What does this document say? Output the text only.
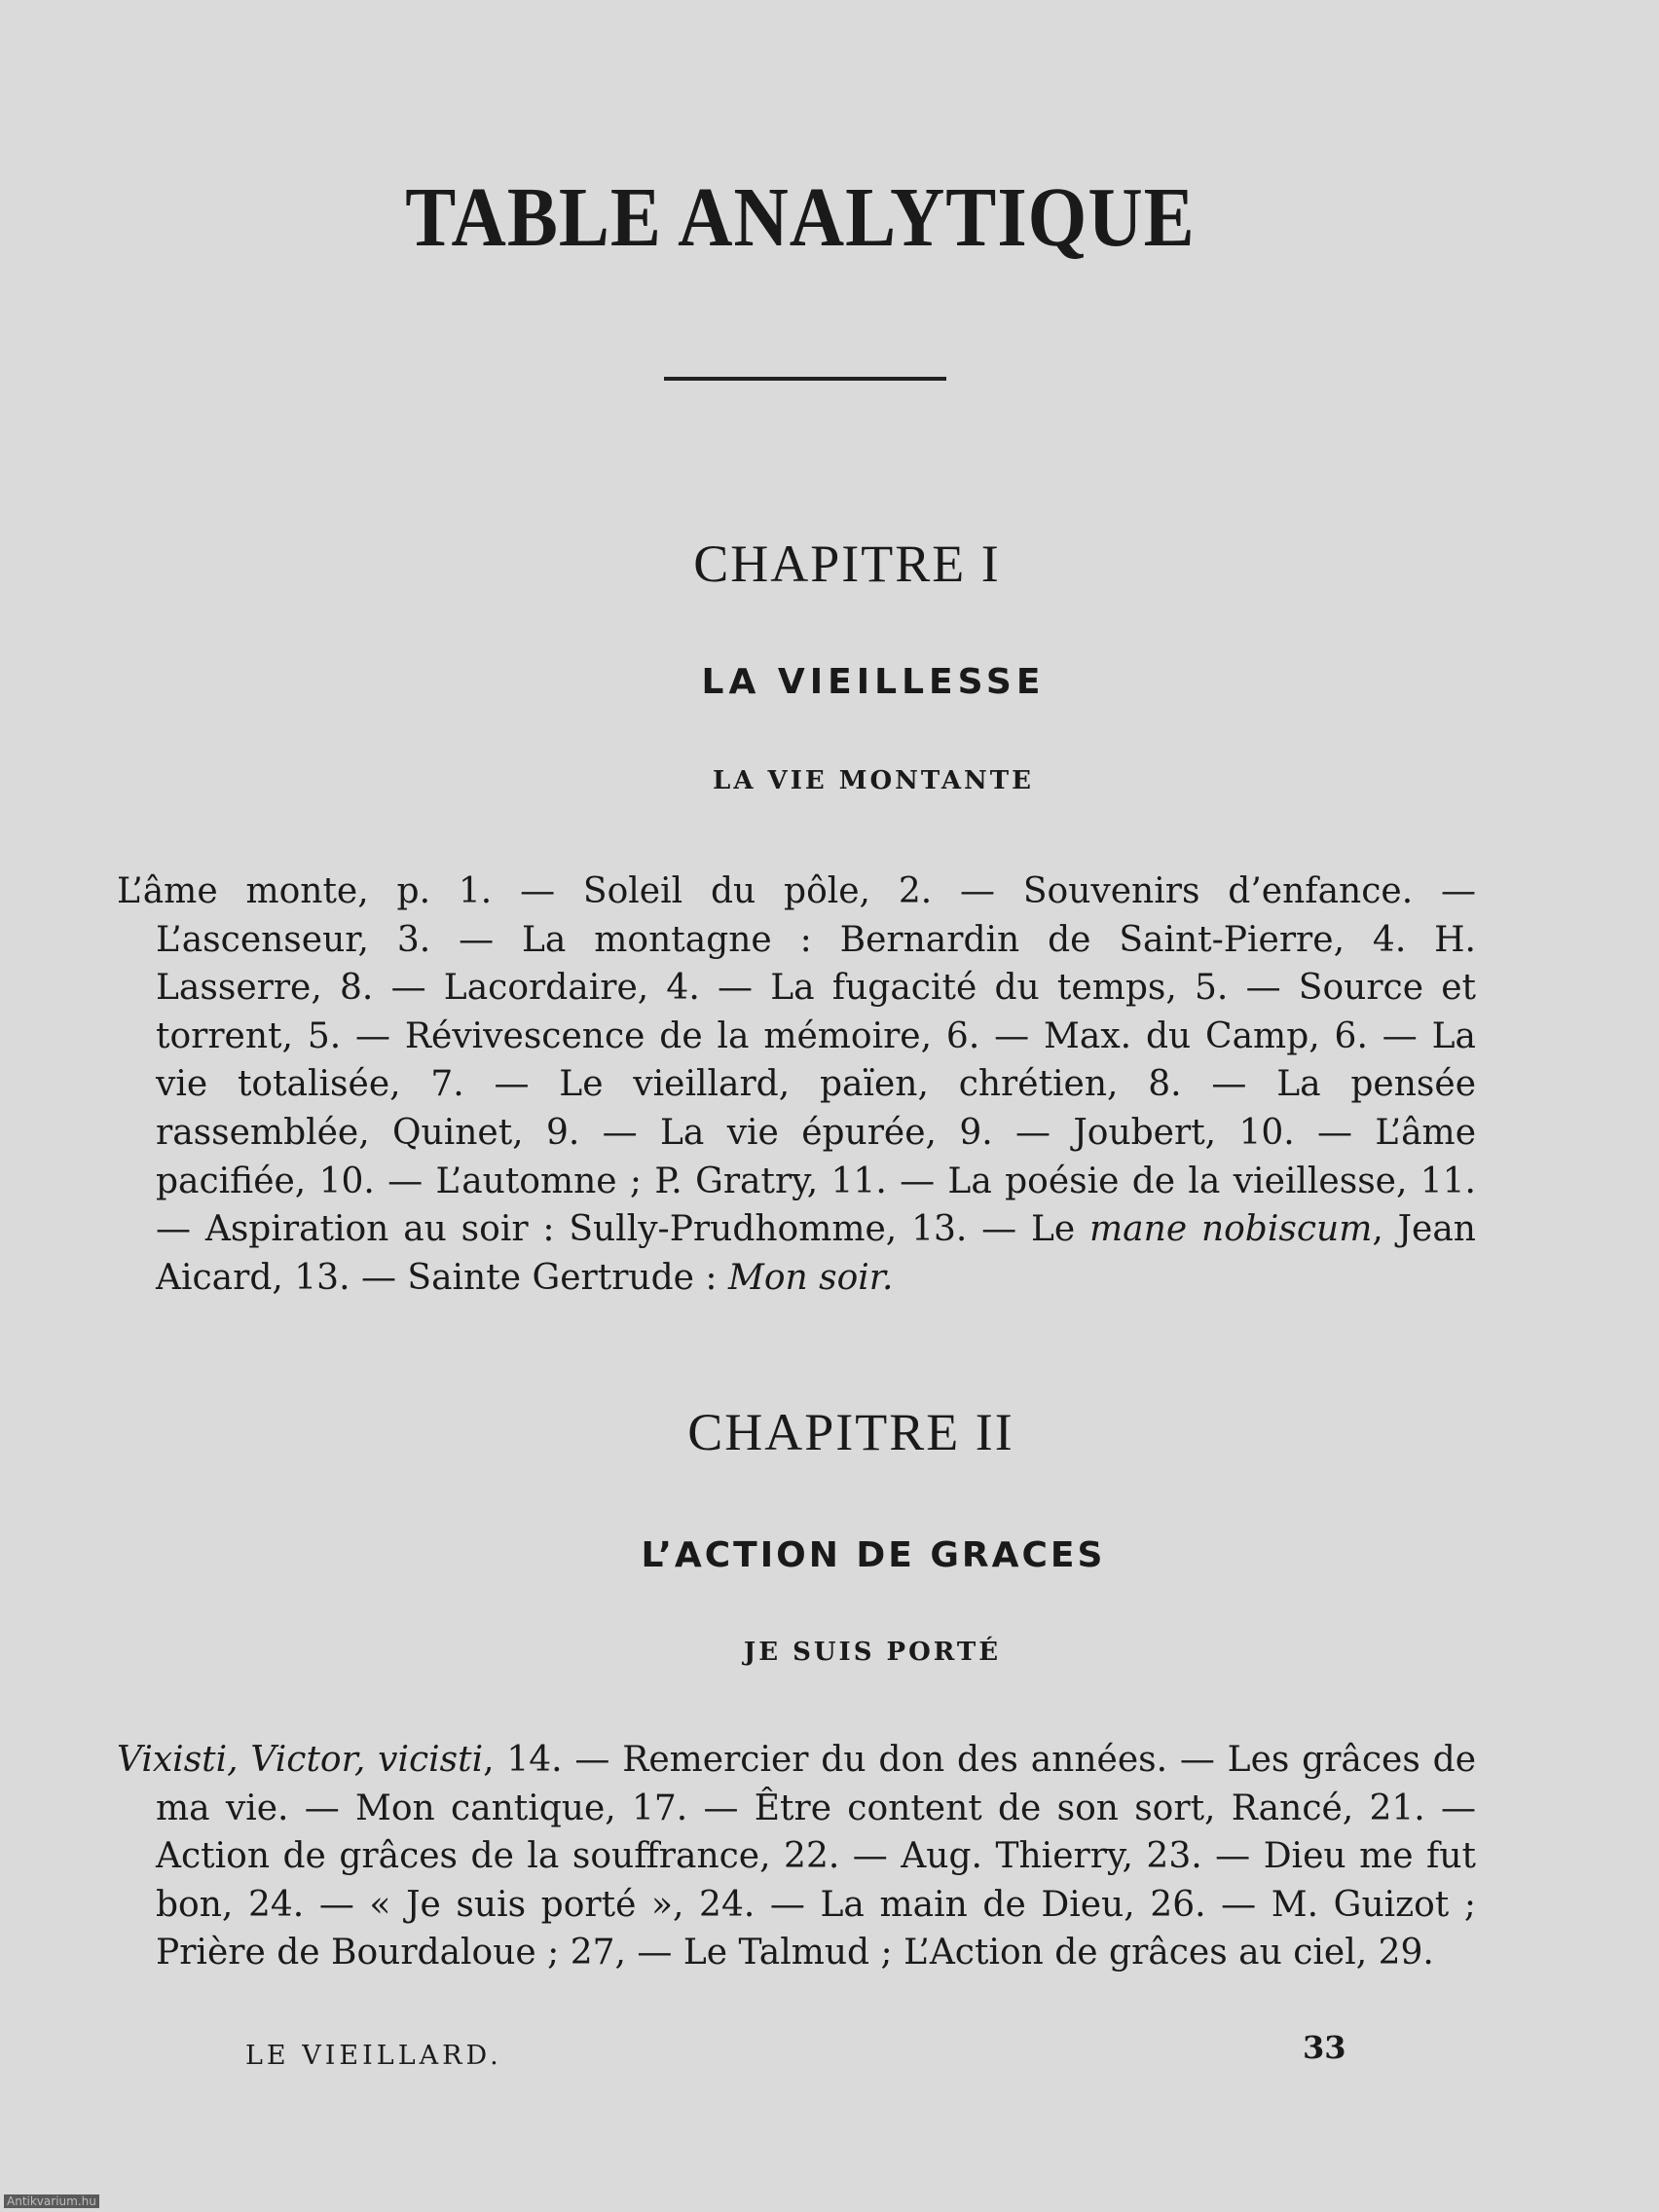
TABLE ANALYTIQUE
CHAPITRE I
LA VIEILLESSE
LA VIE MONTANTE
L’âme monte, p. 1. — Soleil du pôle, 2. — Souvenirs d’enfance. — L’ascenseur, 3. — La montagne : Bernardin de Saint-Pierre, 4. H. Lasserre, 8. — Lacordaire, 4. — La fugacité du temps, 5. — Source et torrent, 5. — Révivescence de la mémoire, 6. — Max. du Camp, 6. — La vie totalisée, 7. — Le vieillard, païen, chrétien, 8. — La pensée rassemblée, Quinet, 9. — La vie épurée, 9. — Joubert, 10. — L’âme pacifiée, 10. — L’automne ; P. Gratry, 11. — La poésie de la vieillesse, 11. — Aspiration au soir : Sully-Prudhomme, 13. — Le mane nobiscum, Jean Aicard, 13. — Sainte Gertrude : Mon soir.
CHAPITRE II
L’ACTION DE GRACES
JE SUIS PORTÉ
Vixisti, Victor, vicisti, 14. — Remercier du don des années. — Les grâces de ma vie. — Mon cantique, 17. — Être content de son sort, Rancé, 21. — Action de grâces de la souffrance, 22. — Aug. Thierry, 23. — Dieu me fut bon, 24. — « Je suis porté », 24. — La main de Dieu, 26. — M. Guizot ; Prière de Bourdaloue ; 27, — Le Talmud ; L’Action de grâces au ciel, 29.
LE VIEILLARD.	33
Antikvarium.hu
